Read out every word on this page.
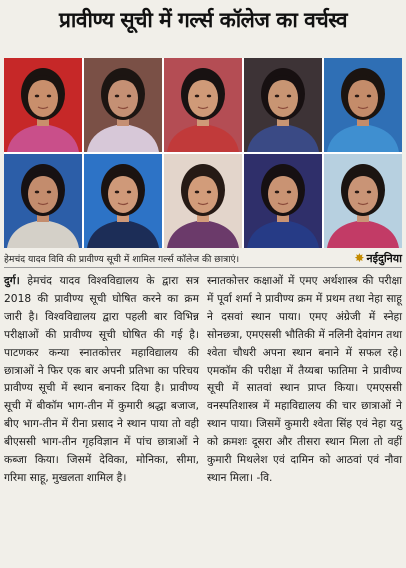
प्रावीण्य सूची में गर्ल्स कॉलेज का वर्चस्व
हेमचंद यादव विवि की प्रावीण्य सूची में शामिल गर्ल्स कॉलेज की छात्राएं।	✸ नईदुनिया

दुर्ग। हेमचंद यादव विश्वविद्यालय के द्वारा सत्र 2018 की प्रावीण्य सूची घोषित करने का क्रम जारी है। विश्वविद्यालय द्वारा पहली बार विभिन्न परीक्षाओं की प्रावीण्य सूची घोषित की गई है। पाटणकर कन्या स्नातकोत्तर महाविद्यालय की छात्राओं ने फिर एक बार अपनी प्रतिभा का परिचय प्रावीण्य सूची में स्थान बनाकर दिया है। प्रावीण्य सूची में बीकॉम भाग-तीन में कुमारी श्रद्धा बजाज, बीए भाग-तीन में रीना प्रसाद ने स्थान पाया तो वही बीएससी भाग-तीन गृहविज्ञान में पांच छात्राओं ने कब्जा किया। जिसमें देविका, मोनिका, सीमा, गरिमा साहू, मुखलता शामिल है।

स्नातकोत्तर कक्षाओं में एमए अर्थशास्त्र की परीक्षा में पूर्वा शर्मा ने प्रावीण्य क्रम में प्रथम तथा नेहा साहू ने दसवां स्थान पाया। एमए अंग्रेजी में स्नेहा सोनछत्रा, एमएससी भौतिकी में नलिनी देवांगन तथा श्वेता चौधरी अपना स्थान बनाने में सफल रहे। एमकॉम की परीक्षा में तैय्यबा फातिमा ने प्रावीण्य सूची में सातवां स्थान प्राप्त किया। एमएससी वनस्पतिशास्त्र में महाविद्यालय की चार छात्राओं ने स्थान पाया। जिसमें कुमारी श्वेता सिंह एवं नेहा यदु को क्रमशः दूसरा और तीसरा स्थान मिला तो वहीं कुमारी मिथलेश एवं दामिन को आठवां एवं नौवा स्थान मिला। -वि.
